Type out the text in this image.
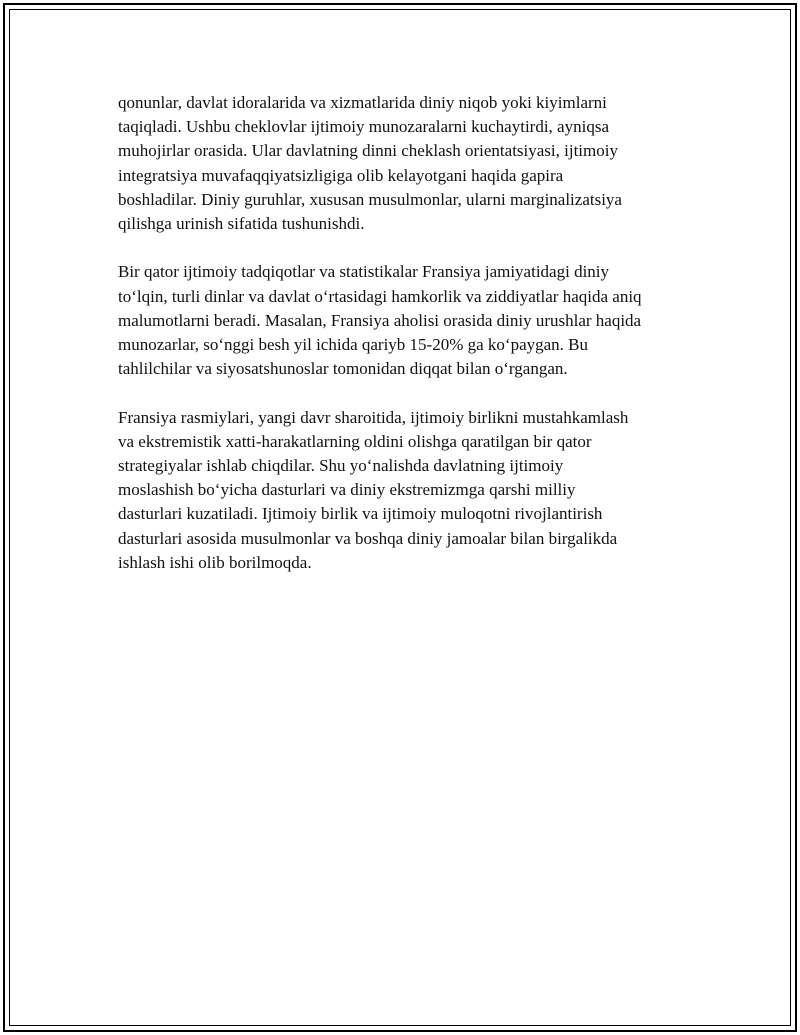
qonunlar, davlat idoralarida va xizmatlarida diniy niqob yoki kiyimlarni
taqiqladi. Ushbu cheklovlar ijtimoiy munozaralarni kuchaytirdi, ayniqsa
muhojirlar orasida. Ular davlatning dinni cheklash orientatsiyasi, ijtimoiy
integratsiya muvafaqqiyatsizligiga olib kelayotgani haqida gapira
boshladilar. Diniy guruhlar, xususan musulmonlar, ularni marginalizatsiya
qilishga urinish sifatida tushunishdi.

Bir qator ijtimoiy tadqiqotlar va statistikalar Fransiya jamiyatidagi diniy
to‘lqin, turli dinlar va davlat o‘rtasidagi hamkorlik va ziddiyatlar haqida aniq
malumotlarni beradi. Masalan, Fransiya aholisi orasida diniy urushlar haqida
munozarlar, so‘nggi besh yil ichida qariyb 15-20% ga ko‘paygan. Bu
tahlilchilar va siyosatshunoslar tomonidan diqqat bilan o‘rgangan.

Fransiya rasmiylari, yangi davr sharoitida, ijtimoiy birlikni mustahkamlash
va ekstremistik xatti-harakatlarning oldini olishga qaratilgan bir qator
strategiyalar ishlab chiqdilar. Shu yo‘nalishda davlatning ijtimoiy
moslashish bo‘yicha dasturlari va diniy ekstremizmga qarshi milliy
dasturlari kuzatiladi. Ijtimoiy birlik va ijtimoiy muloqotni rivojlantirish
dasturlari asosida musulmonlar va boshqa diniy jamoalar bilan birgalikda
ishlash ishi olib borilmoqda.
